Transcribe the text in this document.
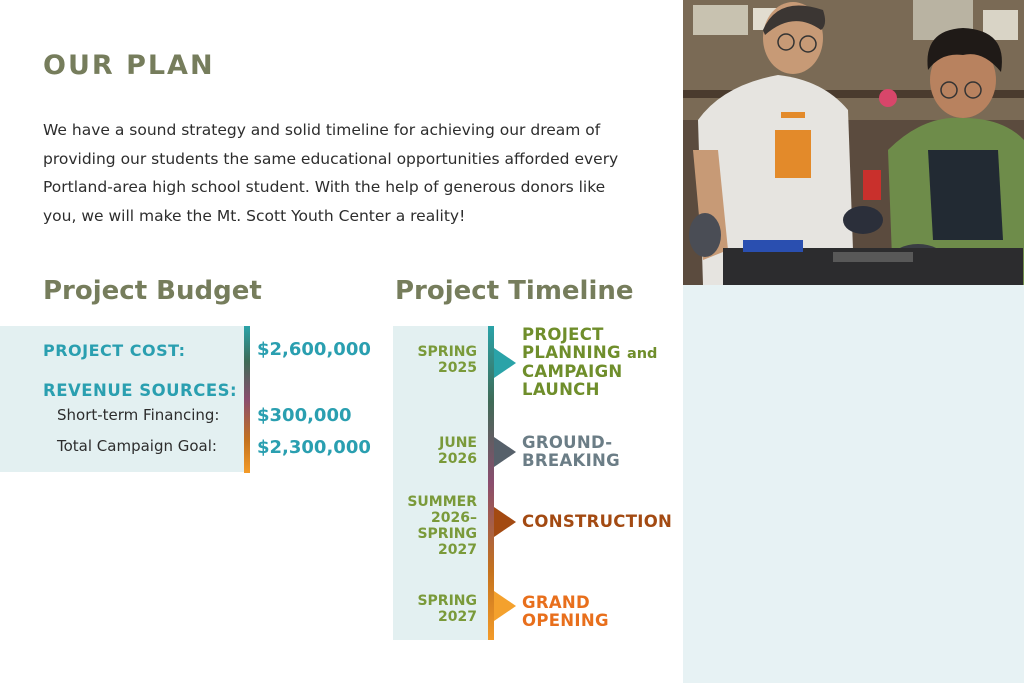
OUR PLAN

We have a sound strategy and solid timeline for achieving our dream of providing our students the same educational opportunities afforded every Portland-area high school student. With the help of generous donors like you, we will make the Mt. Scott Youth Center a reality!

Project Budget
PROJECT COST:	$2,600,000
REVENUE SOURCES:
Short-term Financing: $300,000
Total Campaign Goal: $2,300,000
Project Timeline
SPRING
2025
PROJECT
PLANNING and
CAMPAIGN
LAUNCH
JUNE
2026
GROUND-
BREAKING
SUMMER
2026–
SPRING
2027
CONSTRUCTION
SPRING
2027
GRAND
OPENING
